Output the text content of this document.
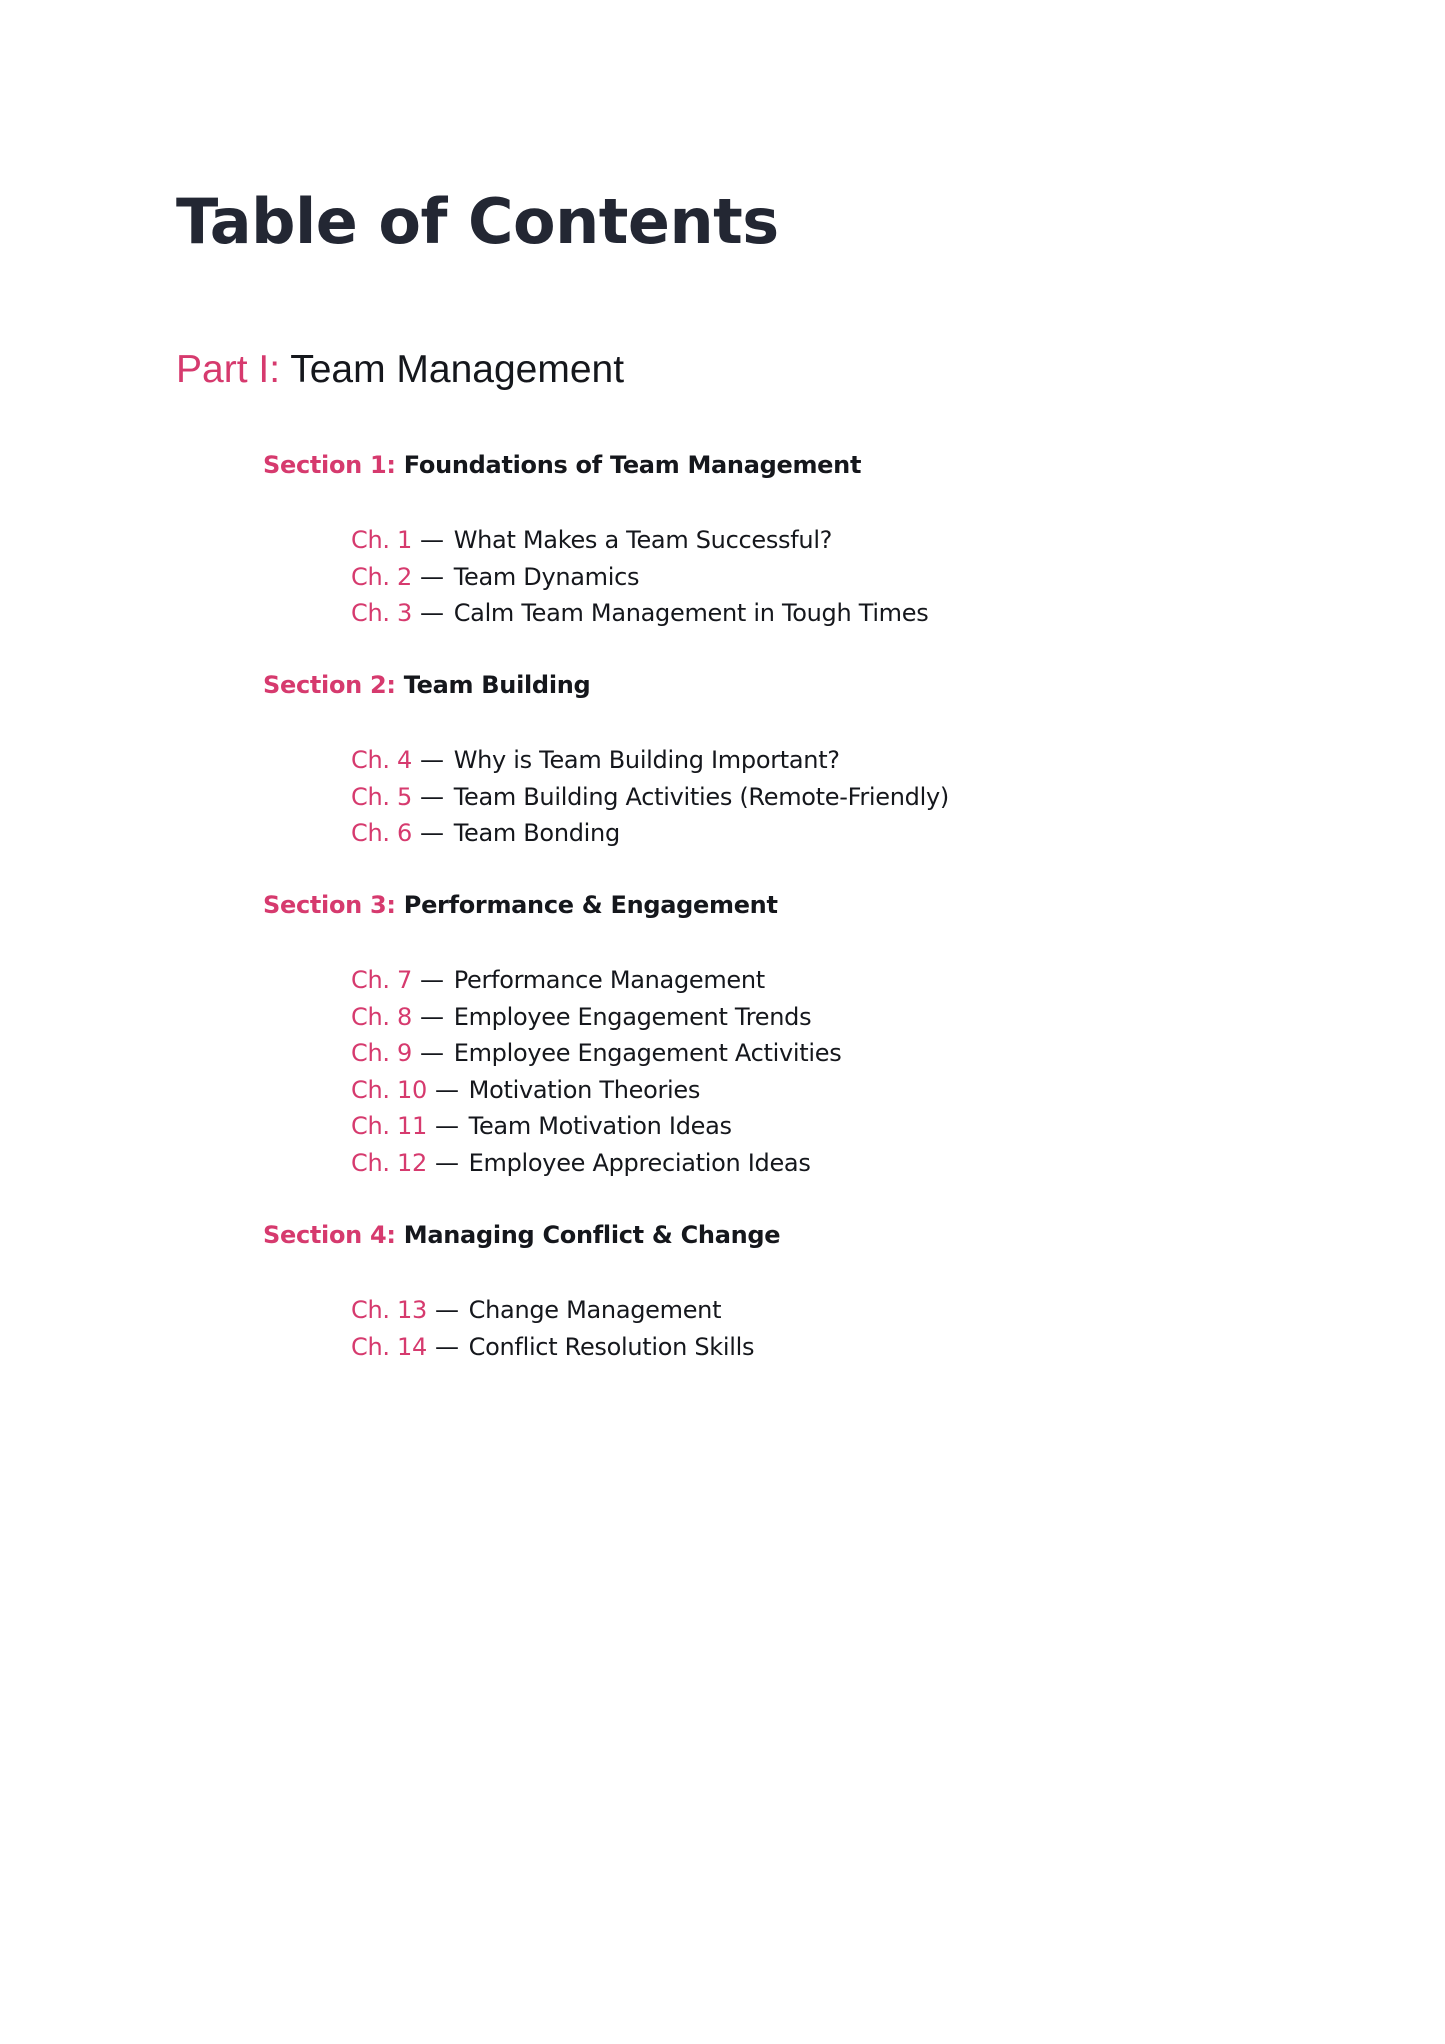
Table of Contents
Part I: Team Management
Section 1: Foundations of Team Management
Ch. 1 — What Makes a Team Successful?
Ch. 2 — Team Dynamics
Ch. 3 — Calm Team Management in Tough Times
Section 2: Team Building
Ch. 4 — Why is Team Building Important?
Ch. 5 — Team Building Activities (Remote-Friendly)
Ch. 6 — Team Bonding
Section 3: Performance & Engagement
Ch. 7 — Performance Management
Ch. 8 — Employee Engagement Trends
Ch. 9 — Employee Engagement Activities
Ch. 10 — Motivation Theories
Ch. 11 — Team Motivation Ideas
Ch. 12 — Employee Appreciation Ideas
Section 4: Managing Conflict & Change
Ch. 13 — Change Management
Ch. 14 — Conflict Resolution Skills
